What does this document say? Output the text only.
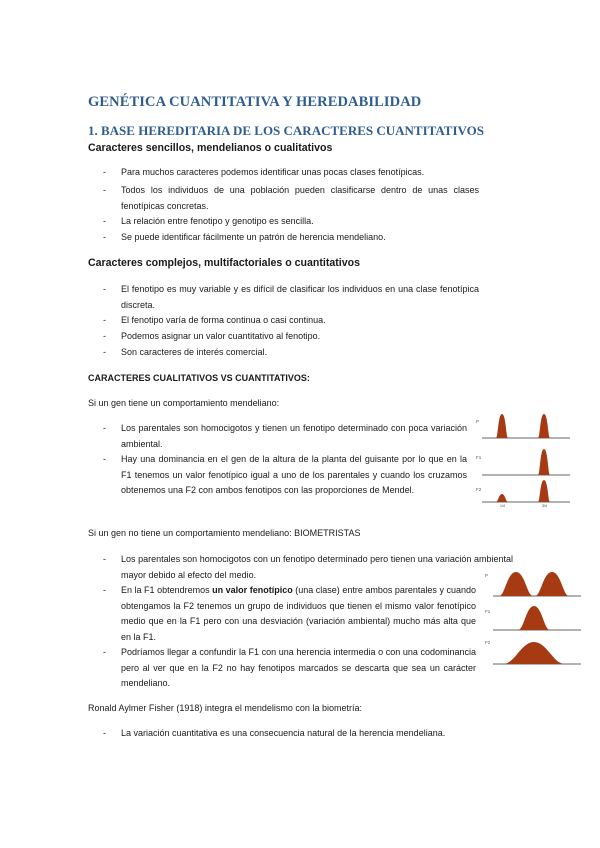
GENÉTICA CUANTITATIVA Y HEREDABILIDAD
1. BASE HEREDITARIA DE LOS CARACTERES CUANTITATIVOS
Caracteres sencillos, mendelianos o cualitativos
- Para muchos caracteres podemos identificar unas pocas clases fenotípicas.
- Todos los individuos de una población pueden clasificarse dentro de unas clases fenotípicas concretas.
- La relación entre fenotipo y genotipo es sencilla.
- Se puede identificar fácilmente un patrón de herencia mendeliano.
Caracteres complejos, multifactoriales o cuantitativos
- El fenotipo es muy variable y es difícil de clasificar los individuos en una clase fenotípica discreta.
- El fenotipo varía de forma continua o casi continua.
- Podemos asignar un valor cuantitativo al fenotipo.
- Son caracteres de interés comercial.
CARACTERES CUALITATIVOS VS CUANTITATIVOS:
Si un gen tiene un comportamiento mendeliano:
- Los parentales son homocigotos y tienen un fenotipo determinado con poca variación ambiental.
- Hay una dominancia en el gen de la altura de la planta del guisante por lo que en la F1 tenemos un valor fenotípico igual a uno de los parentales y cuando los cruzamos obtenemos una F2 con ambos fenotipos con las proporciones de Mendel.
P
F1
F2
1/4	3/4
Si un gen no tiene un comportamiento mendeliano: BIOMETRISTAS
- Los parentales son homocigotos con un fenotipo determinado pero tienen una variación ambiental mayor debido al efecto del medio.
- En la F1 obtendremos un valor fenotípico (una clase) entre ambos parentales y cuando obtengamos la F2 tenemos un grupo de individuos que tienen el mismo valor fenotípico medio que en la F1 pero con una desviación (variación ambiental) mucho más alta que en la F1.
- Podríamos llegar a confundir la F1 con una herencia intermedia o con una codominancia pero al ver que en la F2 no hay fenotipos marcados se descarta que sea un carácter mendeliano.
P
F1
F2
Ronald Aylmer Fisher (1918) integra el mendelismo con la biometría:
- La variación cuantitativa es una consecuencia natural de la herencia mendeliana.
